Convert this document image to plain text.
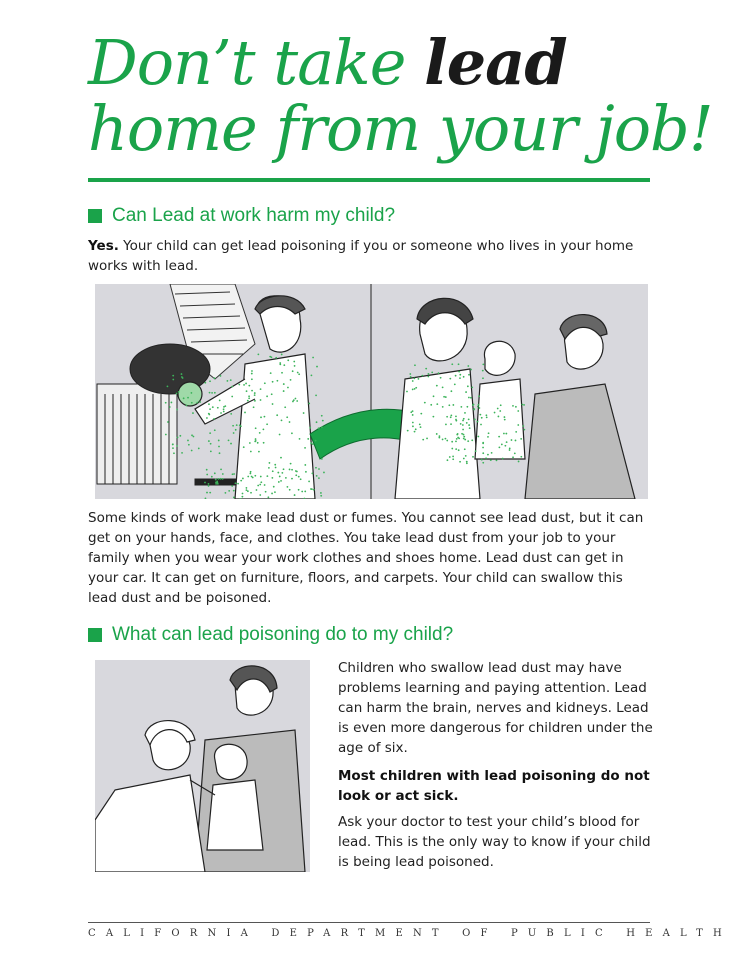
Don’t take lead
home from your job!
Can Lead at work harm my child?

Yes. Your child can get lead poisoning if you or someone who lives in your home works with lead.

Some kinds of work make lead dust or fumes. You cannot see lead dust, but it can get on your hands, face, and clothes. You take lead dust from your job to your family when you wear your work clothes and shoes home. Lead dust can get in your car. It can get on furniture, floors, and carpets. Your child can swallow this lead dust and be poisoned.

What can lead poisoning do to my child?

Children who swallow lead dust may have problems learning and paying attention. Lead can harm the brain, nerves and kidneys. Lead is even more dangerous for children under the age of six.

Most children with lead poisoning do not look or act sick.

Ask your doctor to test your child’s blood for lead. This is the only way to know if your child is being lead poisoned.

CALIFORNIA DEPARTMENT OF PUBLIC HEALTH
